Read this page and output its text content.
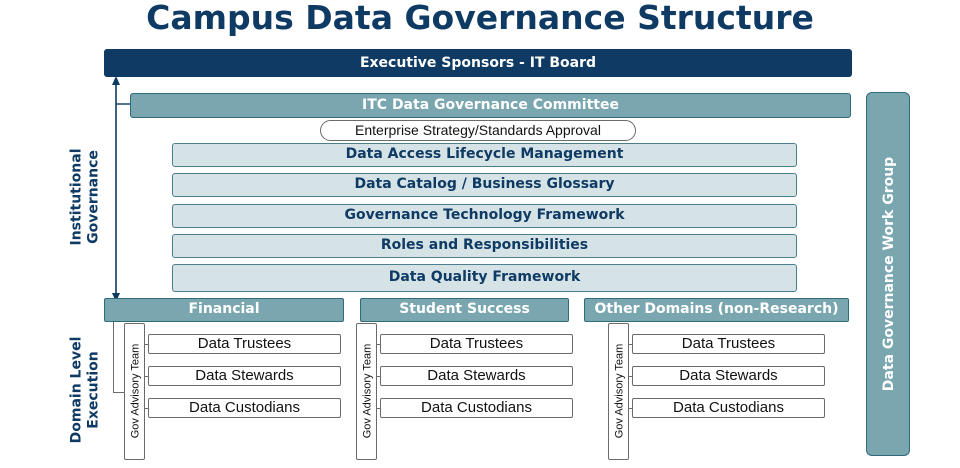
Campus Data Governance Structure
Executive Sponsors - IT Board
ITC Data Governance Committee
Enterprise Strategy/Standards Approval
Data Access Lifecycle Management
Data Catalog / Business Glossary
Governance Technology Framework
Roles and Responsibilities
Data Quality Framework
Institutional Governance
Domain Level Execution	Data Governance Work Group
Financial
Gov Advisory Team
Data Trustees
Data Stewards
Data Custodians
Student Success
Gov Advisory Team
Data Trustees
Data Stewards
Data Custodians
Other Domains (non-Research)
Gov Advisory Team
Data Trustees
Data Stewards
Data Custodians
